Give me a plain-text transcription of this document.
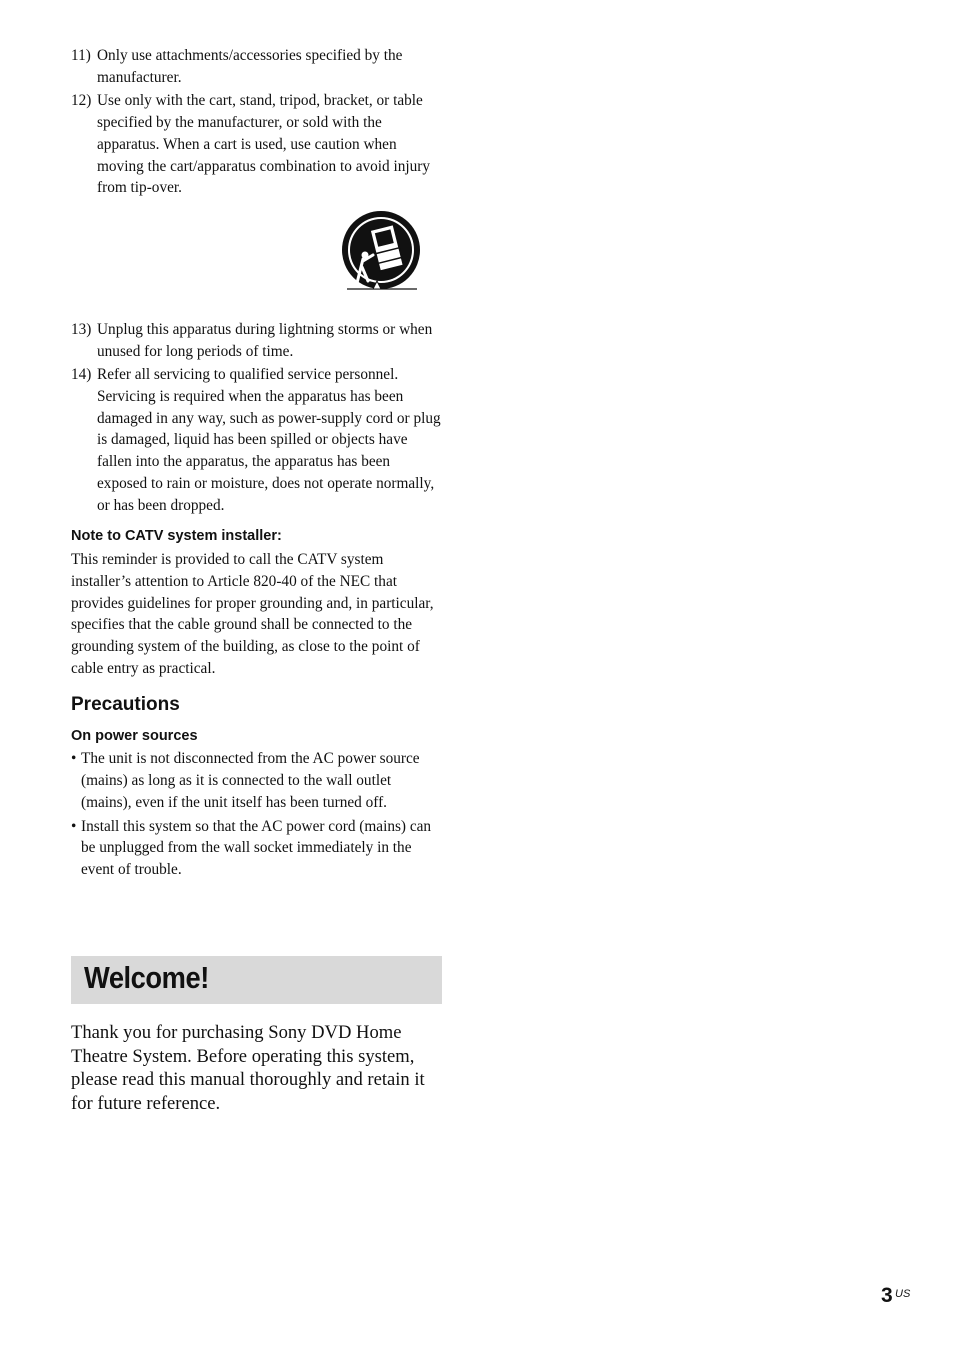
11) Only use attachments/accessories specified by the manufacturer.
12) Use only with the cart, stand, tripod, bracket, or table specified by the manufacturer, or sold with the apparatus. When a cart is used, use caution when moving the cart/apparatus combination to avoid injury from tip-over.
13) Unplug this apparatus during lightning storms or when unused for long periods of time.
14) Refer all servicing to qualified service personnel. Servicing is required when the apparatus has been damaged in any way, such as power-supply cord or plug is damaged, liquid has been spilled or objects have fallen into the apparatus, the apparatus has been exposed to rain or moisture, does not operate normally, or has been dropped.
Note to CATV system installer:
This reminder is provided to call the CATV system installer’s attention to Article 820-40 of the NEC that provides guidelines for proper grounding and, in particular, specifies that the cable ground shall be connected to the grounding system of the building, as close to the point of cable entry as practical.
Precautions
On power sources
• The unit is not disconnected from the AC power source (mains) as long as it is connected to the wall outlet (mains), even if the unit itself has been turned off.
• Install this system so that the AC power cord (mains) can be unplugged from the wall socket immediately in the event of trouble.
Welcome!
Thank you for purchasing Sony DVD Home Theatre System. Before operating this system, please read this manual thoroughly and retain it for future reference.
3 US
